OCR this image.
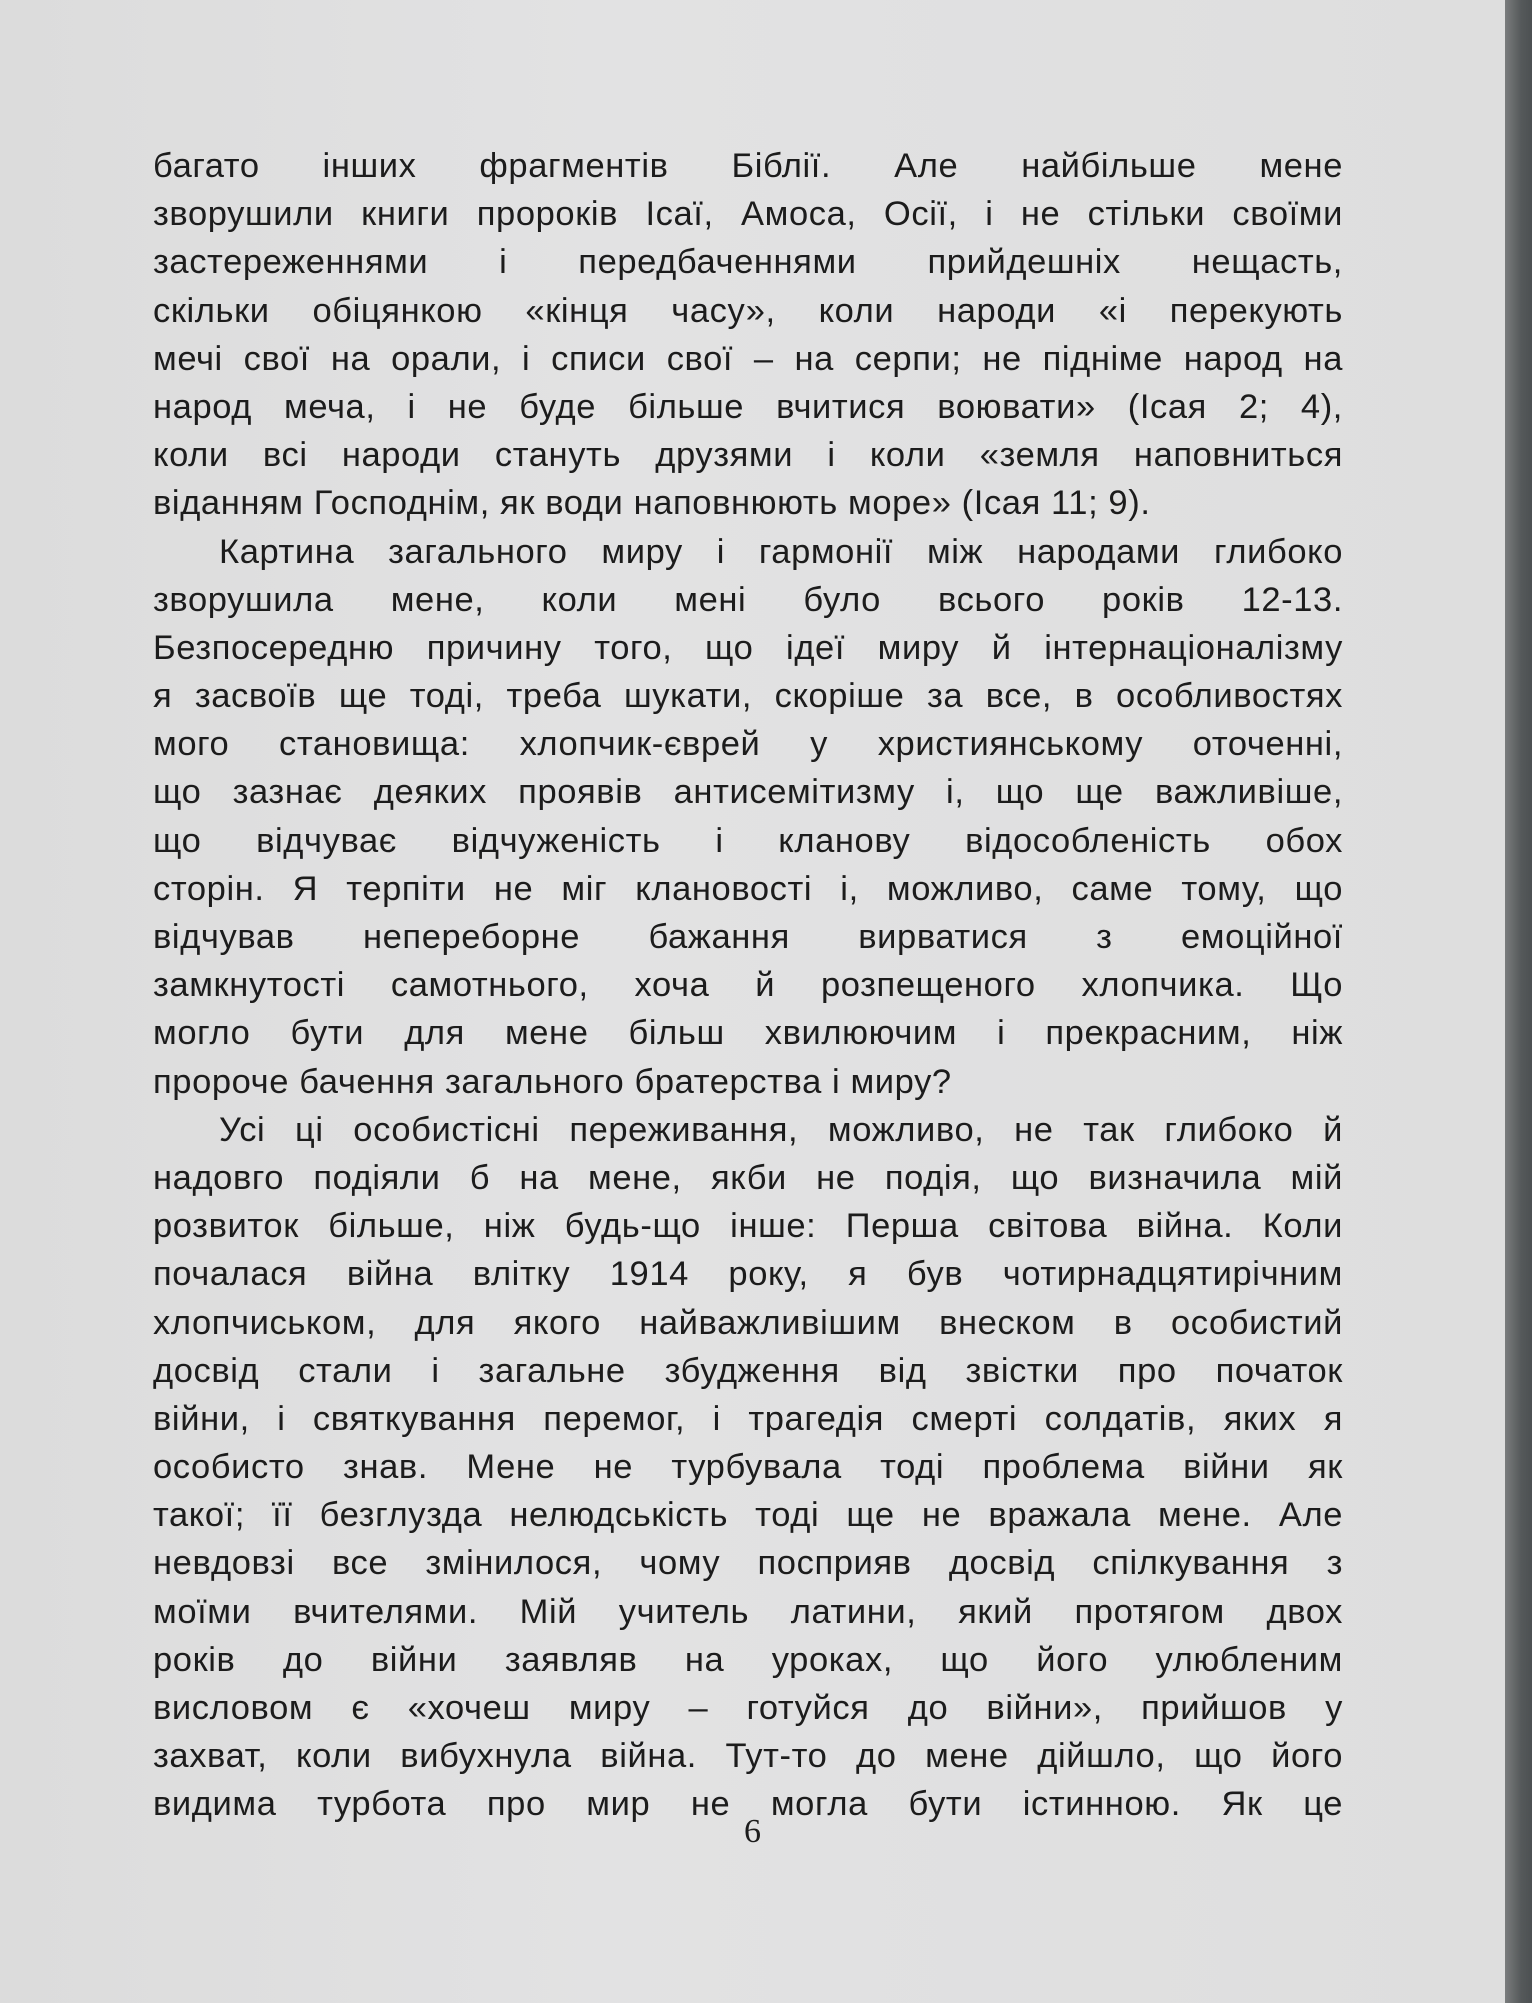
багато інших фрагментів Біблії. Але найбільше мене
зворушили книги пророків Ісаї, Амоса, Осії, і не стільки своїми
застереженнями і передбаченнями прийдешніх нещасть,
скільки обіцянкою «кінця часу», коли народи «і перекують
мечі свої на орали, і списи свої – на серпи; не підніме народ на
народ меча, і не буде більше вчитися воювати» (Ісая 2; 4),
коли всі народи стануть друзями і коли «земля наповниться
віданням Господнім, як води наповнюють море» (Ісая 11; 9).
Картина загального миру і гармонії між народами глибоко
зворушила мене, коли мені було всього років 12-13.
Безпосередню причину того, що ідеї миру й інтернаціоналізму
я засвоїв ще тоді, треба шукати, скоріше за все, в особливостях
мого становища: хлопчик-єврей у християнському оточенні,
що зазнає деяких проявів антисемітизму і, що ще важливіше,
що відчуває відчуженість і кланову відособленість обох
сторін. Я терпіти не міг клановості і, можливо, саме тому, що
відчував непереборне бажання вирватися з емоційної
замкнутості самотнього, хоча й розпещеного хлопчика. Що
могло бути для мене більш хвилюючим і прекрасним, ніж
пророче бачення загального братерства і миру?
Усі ці особистісні переживання, можливо, не так глибоко й
надовго подіяли б на мене, якби не подія, що визначила мій
розвиток більше, ніж будь-що інше: Перша світова війна. Коли
почалася війна влітку 1914 року, я був чотирнадцятирічним
хлопчиськом, для якого найважливішим внеском в особистий
досвід стали і загальне збудження від звістки про початок
війни, і святкування перемог, і трагедія смерті солдатів, яких я
особисто знав. Мене не турбувала тоді проблема війни як
такої; її безглузда нелюдськість тоді ще не вражала мене. Але
невдовзі все змінилося, чому посприяв досвід спілкування з
моїми вчителями. Мій учитель латини, який протягом двох
років до війни заявляв на уроках, що його улюбленим
висловом є «хочеш миру – готуйся до війни», прийшов у
захват, коли вибухнула війна. Тут-то до мене дійшло, що його
видима турбота про мир не могла бути істинною. Як це
6
